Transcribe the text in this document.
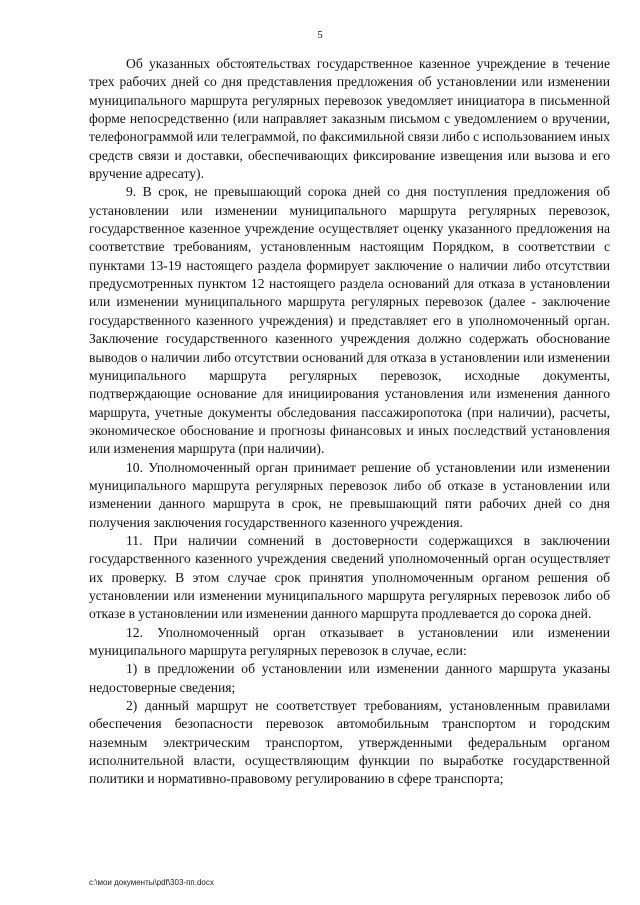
5

Об указанных обстоятельствах государственное казенное учреждение в течение трех рабочих дней со дня представления предложения об установлении или изменении муниципального маршрута регулярных перевозок уведомляет инициатора в письменной форме непосредственно (или направляет заказным письмом с уведомлением о вручении, телефонограммой или телеграммой, по факсимильной связи либо с использованием иных средств связи и доставки, обеспечивающих фиксирование извещения или вызова и его вручение адресату).

9. В срок, не превышающий сорока дней со дня поступления предложения об установлении или изменении муниципального маршрута регулярных перевозок, государственное казенное учреждение осуществляет оценку указанного предложения на соответствие требованиям, установленным настоящим Порядком, в соответствии с пунктами 13-19 настоящего раздела формирует заключение о наличии либо отсутствии предусмотренных пунктом 12 настоящего раздела оснований для отказа в установлении или изменении муниципального маршрута регулярных перевозок (далее - заключение государственного казенного учреждения) и представляет его в уполномоченный орган. Заключение государственного казенного учреждения должно содержать обоснование выводов о наличии либо отсутствии оснований для отказа в установлении или изменении муниципального маршрута регулярных перевозок, исходные документы, подтверждающие основание для инициирования установления или изменения данного маршрута, учетные документы обследования пассажиропотока (при наличии), расчеты, экономическое обоснование и прогнозы финансовых и иных последствий установления или изменения маршрута (при наличии).

10. Уполномоченный орган принимает решение об установлении или изменении муниципального маршрута регулярных перевозок либо об отказе в установлении или изменении данного маршрута в срок, не превышающий пяти рабочих дней со дня получения заключения государственного казенного учреждения.

11. При наличии сомнений в достоверности содержащихся в заключении государственного казенного учреждения сведений уполномоченный орган осуществляет их проверку. В этом случае срок принятия уполномоченным органом решения об установлении или изменении муниципального маршрута регулярных перевозок либо об отказе в установлении или изменении данного маршрута продлевается до сорока дней.

12. Уполномоченный орган отказывает в установлении или изменении муниципального маршрута регулярных перевозок в случае, если:

1) в предложении об установлении или изменении данного маршрута указаны недостоверные сведения;

2) данный маршрут не соответствует требованиям, установленным правилами обеспечения безопасности перевозок автомобильным транспортом и городским наземным электрическим транспортом, утвержденными федеральным органом исполнительной власти, осуществляющим функции по выработке государственной политики и нормативно-правовому регулированию в сфере транспорта;

c:\мои документы\pdf\303-пп.docx
